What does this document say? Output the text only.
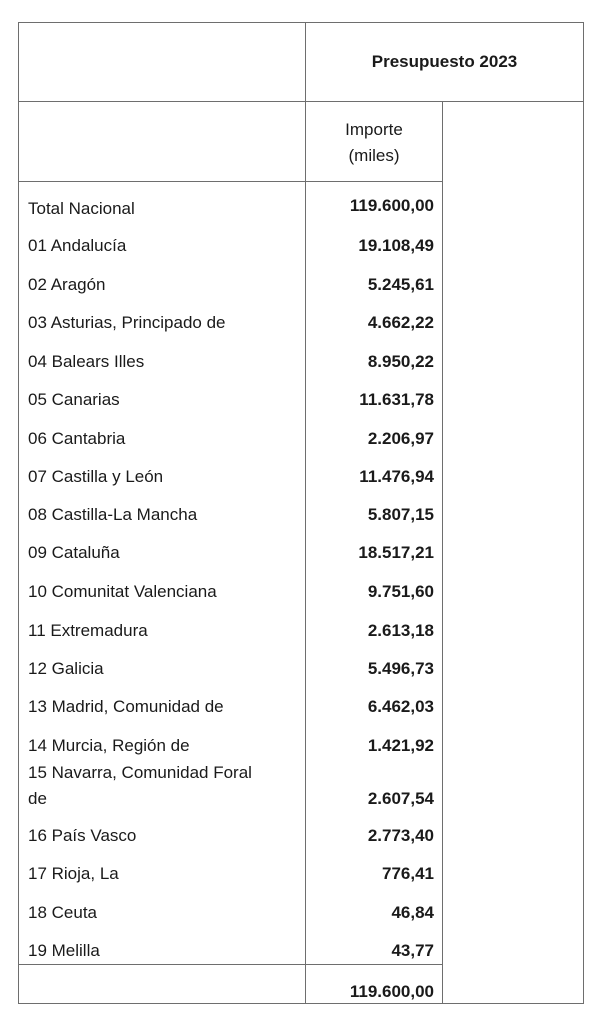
Presupuesto 2023
Importe
(miles)
Total Nacional	119.600,00
01 Andalucía	19.108,49
02 Aragón	5.245,61
03 Asturias, Principado de	4.662,22
04 Balears Illes	8.950,22
05 Canarias	11.631,78
06 Cantabria	2.206,97
07 Castilla y León	11.476,94
08 Castilla-La Mancha	5.807,15
09 Cataluña	18.517,21
10 Comunitat Valenciana	9.751,60
11 Extremadura	2.613,18
12 Galicia	5.496,73
13 Madrid, Comunidad de	6.462,03
14 Murcia, Región de	1.421,92
15 Navarra, Comunidad Foral
de	2.607,54
16 País Vasco	2.773,40
17 Rioja, La	776,41
18 Ceuta	46,84
19 Melilla	43,77
119.600,00
